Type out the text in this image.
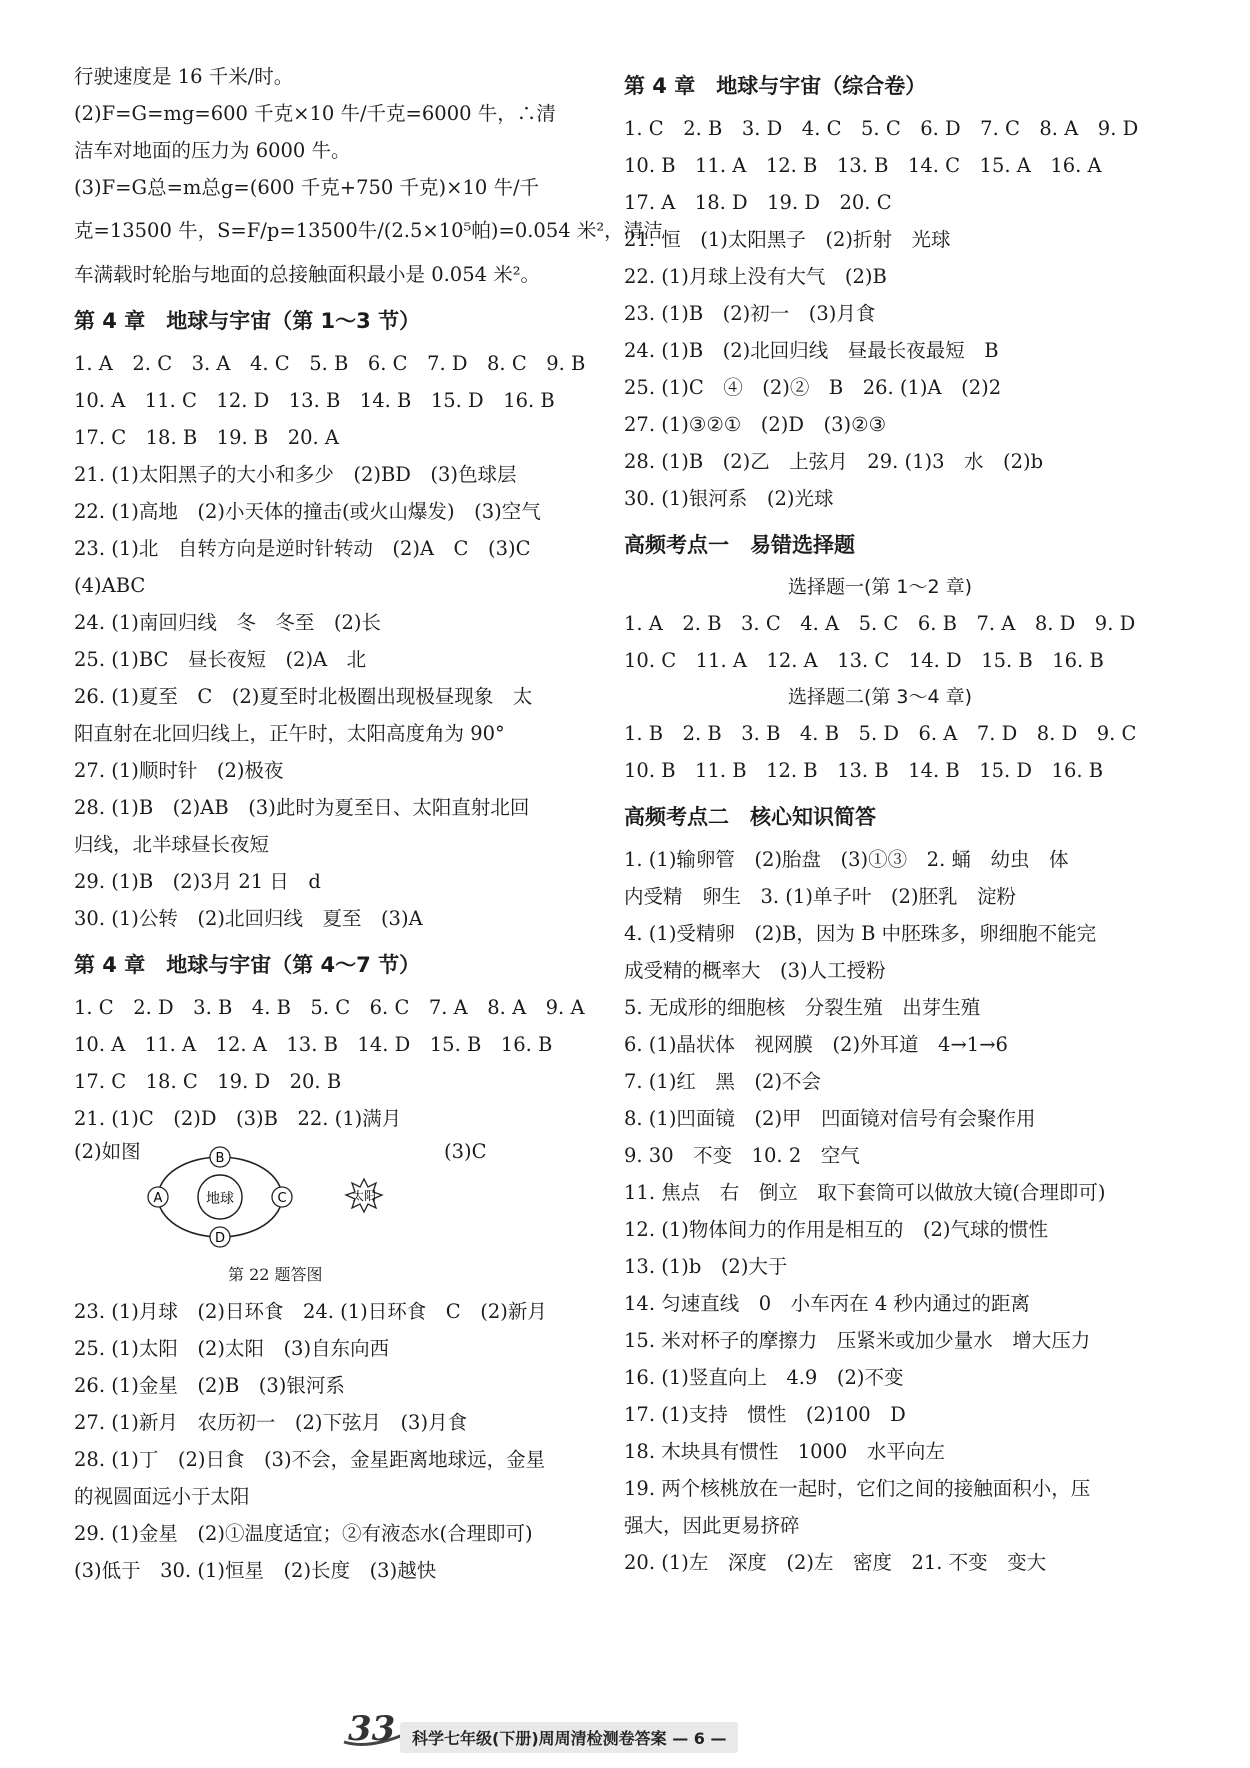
行驶速度是 16 千米/时。
(2)F=G=mg=600 千克×10 牛/千克=6000 牛，∴清
洁车对地面的压力为 6000 牛。
(3)F=G总=m总g=(600 千克+750 千克)×10 牛/千
克=13500 牛，S=F/p=13500牛/(2.5×10⁵帕)=0.054 米²，清洁
车满载时轮胎与地面的总接触面积最小是 0.054 米²。
第 4 章　地球与宇宙（第 1～3 节）
1. A　2. C　3. A　4. C　5. B　6. C　7. D　8. C　9. B
10. A　11. C　12. D　13. B　14. B　15. D　16. B
17. C　18. B　19. B　20. A
21. (1)太阳黑子的大小和多少　(2)BD　(3)色球层
22. (1)高地　(2)小天体的撞击(或火山爆发)　(3)空气
23. (1)北　自转方向是逆时针转动　(2)A　C　(3)C
(4)ABC
24. (1)南回归线　冬　冬至　(2)长
25. (1)BC　昼长夜短　(2)A　北
26. (1)夏至　C　(2)夏至时北极圈出现极昼现象　太
阳直射在北回归线上，正午时，太阳高度角为 90°
27. (1)顺时针　(2)极夜
28. (1)B　(2)AB　(3)此时为夏至日、太阳直射北回
归线，北半球昼长夜短
29. (1)B　(2)3月 21 日　d
30. (1)公转　(2)北回归线　夏至　(3)A
第 4 章　地球与宇宙（第 4～7 节）
1. C　2. D　3. B　4. B　5. C　6. C　7. A　8. A　9. A
10. A　11. A　12. A　13. B　14. D　15. B　16. B
17. C　18. C　19. D　20. B
21. (1)C　(2)D　(3)B　22. (1)满月
(2)如图	(3)C
地球
A
B
C
D
太阳
第 22 题答图
23. (1)月球　(2)日环食　24. (1)日环食　C　(2)新月
25. (1)太阳　(2)太阳　(3)自东向西
26. (1)金星　(2)B　(3)银河系
27. (1)新月　农历初一　(2)下弦月　(3)月食
28. (1)丁　(2)日食　(3)不会，金星距离地球远，金星
的视圆面远小于太阳
29. (1)金星　(2)①温度适宜；②有液态水(合理即可)
(3)低于　30. (1)恒星　(2)长度　(3)越快
第 4 章　地球与宇宙（综合卷）
1. C　2. B　3. D　4. C　5. C　6. D　7. C　8. A　9. D
10. B　11. A　12. B　13. B　14. C　15. A　16. A
17. A　18. D　19. D　20. C
21. 恒　(1)太阳黑子　(2)折射　光球
22. (1)月球上没有大气　(2)B
23. (1)B　(2)初一　(3)月食
24. (1)B　(2)北回归线　昼最长夜最短　B
25. (1)C　④　(2)②　B　26. (1)A　(2)2
27. (1)③②①　(2)D　(3)②③
28. (1)B　(2)乙　上弦月　29. (1)3　水　(2)b
30. (1)银河系　(2)光球
高频考点一　易错选择题
选择题一(第 1～2 章)
1. A　2. B　3. C　4. A　5. C　6. B　7. A　8. D　9. D
10. C　11. A　12. A　13. C　14. D　15. B　16. B
选择题二(第 3～4 章)
1. B　2. B　3. B　4. B　5. D　6. A　7. D　8. D　9. C
10. B　11. B　12. B　13. B　14. B　15. D　16. B
高频考点二　核心知识简答
1. (1)输卵管　(2)胎盘　(3)①③　2. 蛹　幼虫　体
内受精　卵生　3. (1)单子叶　(2)胚乳　淀粉
4. (1)受精卵　(2)B，因为 B 中胚珠多，卵细胞不能完
成受精的概率大　(3)人工授粉
5. 无成形的细胞核　分裂生殖　出芽生殖
6. (1)晶状体　视网膜　(2)外耳道　4→1→6
7. (1)红　黑　(2)不会
8. (1)凹面镜　(2)甲　凹面镜对信号有会聚作用
9. 30　不变　10. 2　空气
11. 焦点　右　倒立　取下套筒可以做放大镜(合理即可)
12. (1)物体间力的作用是相互的　(2)气球的惯性
13. (1)b　(2)大于
14. 匀速直线　0　小车丙在 4 秒内通过的距离
15. 米对杯子的摩擦力　压紧米或加少量水　增大压力
16. (1)竖直向上　4.9　(2)不变
17. (1)支持　惯性　(2)100　D
18. 木块具有惯性　1000　水平向左
19. 两个核桃放在一起时，它们之间的接触面积小，压
强大，因此更易挤碎
20. (1)左　深度　(2)左　密度　21. 不变　变大
33	科学七年级(下册)周周清检测卷答案 — 6 —
